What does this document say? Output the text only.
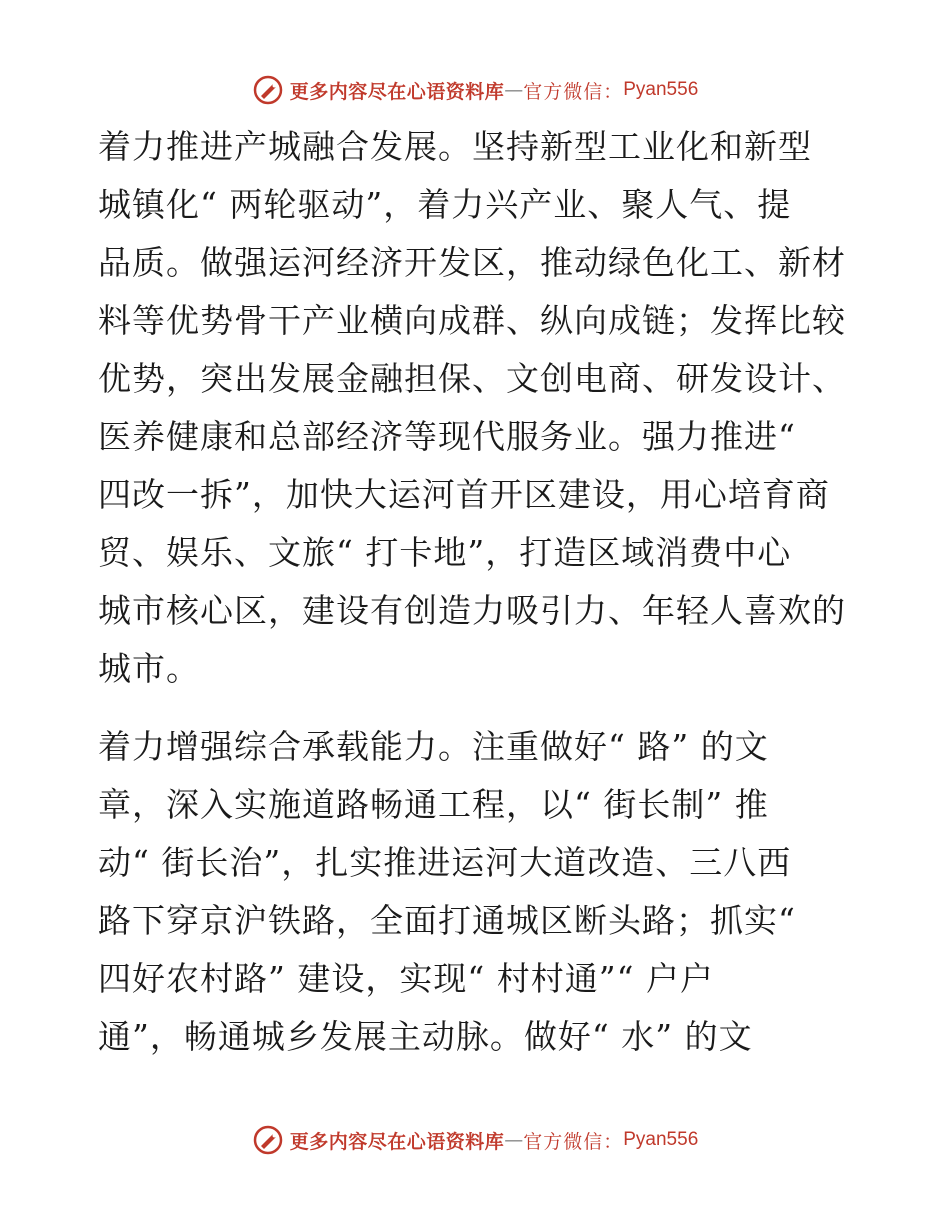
更多内容尽在心语资料库 — 官方微信： Pyan556
着力推进产城融合发展。坚持新型工业化和新型
城镇化“ 两轮驱动”，着力兴产业、聚人气、提
品质。做强运河经济开发区，推动绿色化工、新材
料等优势骨干产业横向成群、纵向成链；发挥比较
优势，突出发展金融担保、文创电商、研发设计、
医养健康和总部经济等现代服务业。强力推进“
四改一拆”，加快大运河首开区建设，用心培育商
贸、娱乐、文旅“ 打卡地”，打造区域消费中心
城市核心区，建设有创造力吸引力、年轻人喜欢的
城市。
着力增强综合承载能力。注重做好“ 路” 的文
章，深入实施道路畅通工程，以“ 街长制” 推
动“ 街长治”，扎实推进运河大道改造、三八西
路下穿京沪铁路，全面打通城区断头路；抓实“
四好农村路” 建设，实现“ 村村通”“ 户户
通”，畅通城乡发展主动脉。做好“ 水” 的文
更多内容尽在心语资料库 — 官方微信： Pyan556
